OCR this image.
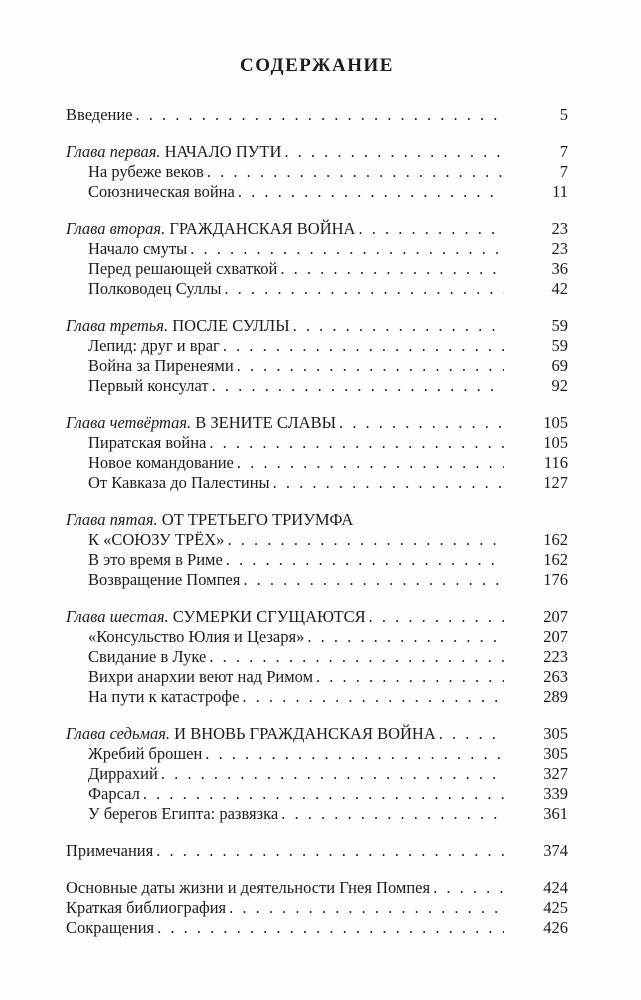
СОДЕРЖАНИЕ
Введение . . .	5
Глава первая. НАЧАЛО ПУТИ . . .	7
На рубеже веков . . .	7
Союзническая война . . .	11
Глава вторая. ГРАЖДАНСКАЯ ВОЙНА . . .	23
Начало смуты . . .	23
Перед решающей схваткой . . .	36
Полководец Суллы . . .	42
Глава третья. ПОСЛЕ СУЛЛЫ . . .	59
Лепид: друг и враг . . .	59
Война за Пиренеями . . .	69
Первый консулат . . .	92
Глава четвёртая. В ЗЕНИТЕ СЛАВЫ . . .	105
Пиратская война . . .	105
Новое командование . . .	116
От Кавказа до Палестины . . .	127
Глава пятая. ОТ ТРЕТЬЕГО ТРИУМФА
К «СОЮЗУ ТРЁХ» . . .	162
В это время в Риме . . .	162
Возвращение Помпея . . .	176
Глава шестая. СУМЕРКИ СГУЩАЮТСЯ . . .	207
«Консульство Юлия и Цезаря» . . .	207
Свидание в Луке . . .	223
Вихри анархии веют над Римом . . .	263
На пути к катастрофе . . .	289
Глава седьмая. И ВНОВЬ ГРАЖДАНСКАЯ ВОЙНА . . .	305
Жребий брошен . . .	305
Диррахий . . .	327
Фарсал . . .	339
У берегов Египта: развязка . . .	361
Примечания . . .	374
Основные даты жизни и деятельности Гнея Помпея . . .	424
Краткая библиография . . .	425
Сокращения . . .	426
